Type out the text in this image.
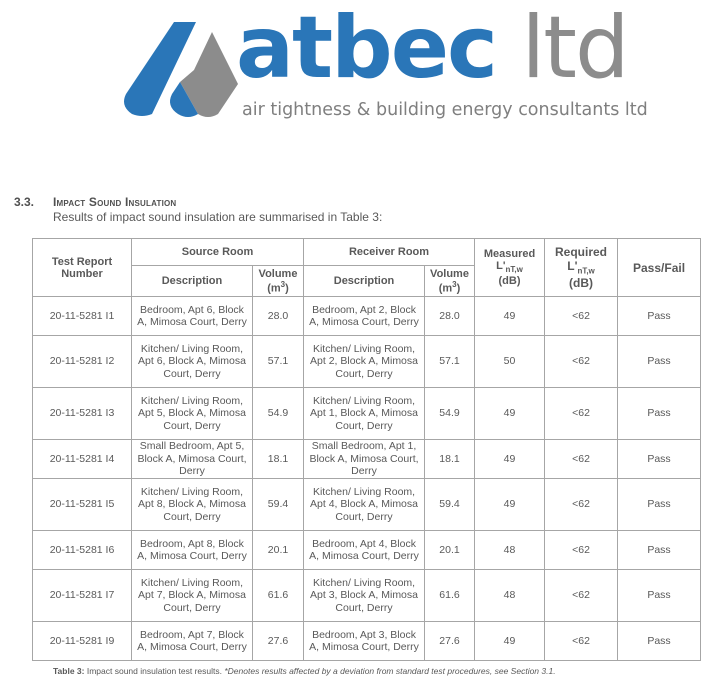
atbec ltd
air tightness & building energy consultants ltd
3.3. Impact Sound Insulation
Results of impact sound insulation are summarised in Table 3:
Test Report Number	Source Room		Receiver Room		Measured
$L'_{nT,w}$
(dB)	Required
$L'_{nT,w}$
(dB)	Pass/Fail
	Description	Volume
$(m^3)$	Description	Volume
$(m^3)$			
20-11-5281 I1	Bedroom, Apt 6, Block A, Mimosa Court, Derry	28.0	Bedroom, Apt 2, Block A, Mimosa Court, Derry	28.0	49	<62	Pass
20-11-5281 I2	Kitchen/ Living Room, Apt 6, Block A, Mimosa Court, Derry	57.1	Kitchen/ Living Room, Apt 2, Block A, Mimosa Court, Derry	57.1	50	<62	Pass
20-11-5281 I3	Kitchen/ Living Room, Apt 5, Block A, Mimosa Court, Derry	54.9	Kitchen/ Living Room, Apt 1, Block A, Mimosa Court, Derry	54.9	49	<62	Pass
20-11-5281 I4	Small Bedroom, Apt 5, Block A, Mimosa Court, Derry	18.1	Small Bedroom, Apt 1, Block A, Mimosa Court, Derry	18.1	49	<62	Pass
20-11-5281 I5	Kitchen/ Living Room, Apt 8, Block A, Mimosa Court, Derry	59.4	Kitchen/ Living Room, Apt 4, Block A, Mimosa Court, Derry	59.4	49	<62	Pass
20-11-5281 I6	Bedroom, Apt 8, Block A, Mimosa Court, Derry	20.1	Bedroom, Apt 4, Block A, Mimosa Court, Derry	20.1	48	<62	Pass
20-11-5281 I7	Kitchen/ Living Room, Apt 7, Block A, Mimosa Court, Derry	61.6	Kitchen/ Living Room, Apt 3, Block A, Mimosa Court, Derry	61.6	48	<62	Pass
20-11-5281 I9	Bedroom, Apt 7, Block A, Mimosa Court, Derry	27.6	Bedroom, Apt 3, Block A, Mimosa Court, Derry	27.6	49	<62	Pass
Table 3: Impact sound insulation test results. *Denotes results affected by a deviation from standard test procedures, see Section 3.1.
